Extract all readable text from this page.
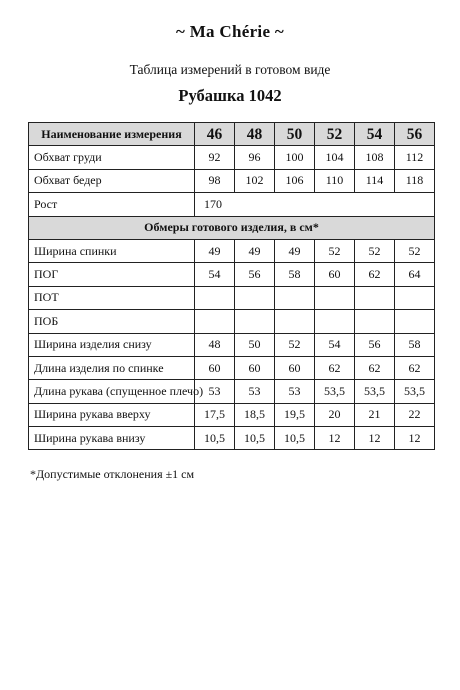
~ Ma Chérie ~
Таблица измерений в готовом виде
Рубашка 1042
Наименование измерения	46	48	50	52	54	56
Обхват груди	92	96	100	104	108	112
Обхват бедер	98	102	106	110	114	118
Рост	170					
Обмеры готового изделия, в см*						
Ширина спинки	49	49	49	52	52	52
ПОГ	54	56	58	60	62	64
ПОТ						
ПОБ						
Ширина изделия снизу	48	50	52	54	56	58
Длина изделия по спинке	60	60	60	62	62	62
Длина рукава (спущенное плечо)	53	53	53	53,5	53,5	53,5
Ширина рукава вверху	17,5	18,5	19,5	20	21	22
Ширина рукава внизу	10,5	10,5	10,5	12	12	12
*Допустимые отклонения ±1 см
